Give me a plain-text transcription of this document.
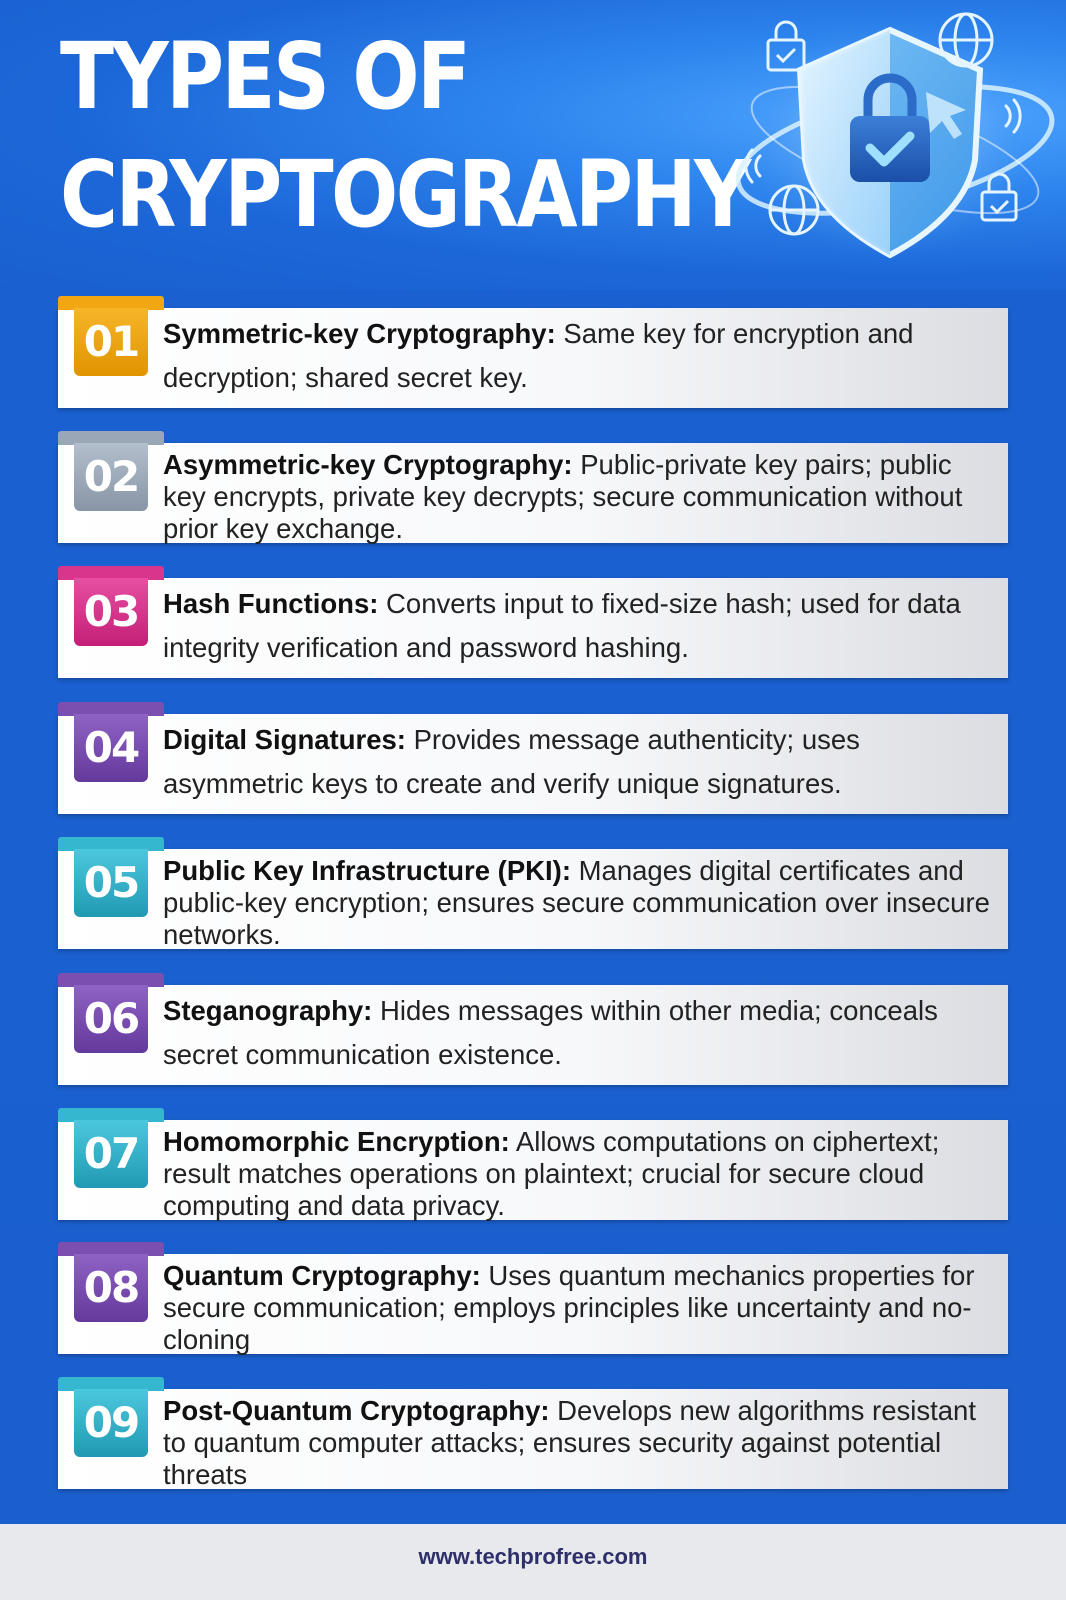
TYPES OF
CRYPTOGRAPHY
01 Symmetric-key Cryptography: Same key for encryption and decryption; shared secret key.
02 Asymmetric-key Cryptography: Public-private key pairs; public key encrypts, private key decrypts; secure communication without prior key exchange.
03 Hash Functions: Converts input to fixed-size hash; used for data integrity verification and password hashing.
04 Digital Signatures: Provides message authenticity; uses asymmetric keys to create and verify unique signatures.
05 Public Key Infrastructure (PKI): Manages digital certificates and public-key encryption; ensures secure communication over insecure networks.
06 Steganography: Hides messages within other media; conceals secret communication existence.
07 Homomorphic Encryption: Allows computations on ciphertext; result matches operations on plaintext; crucial for secure cloud computing and data privacy.
08 Quantum Cryptography: Uses quantum mechanics properties for secure communication; employs principles like uncertainty and no-cloning
09 Post-Quantum Cryptography: Develops new algorithms resistant to quantum computer attacks; ensures security against potential threats
www.techprofree.com
